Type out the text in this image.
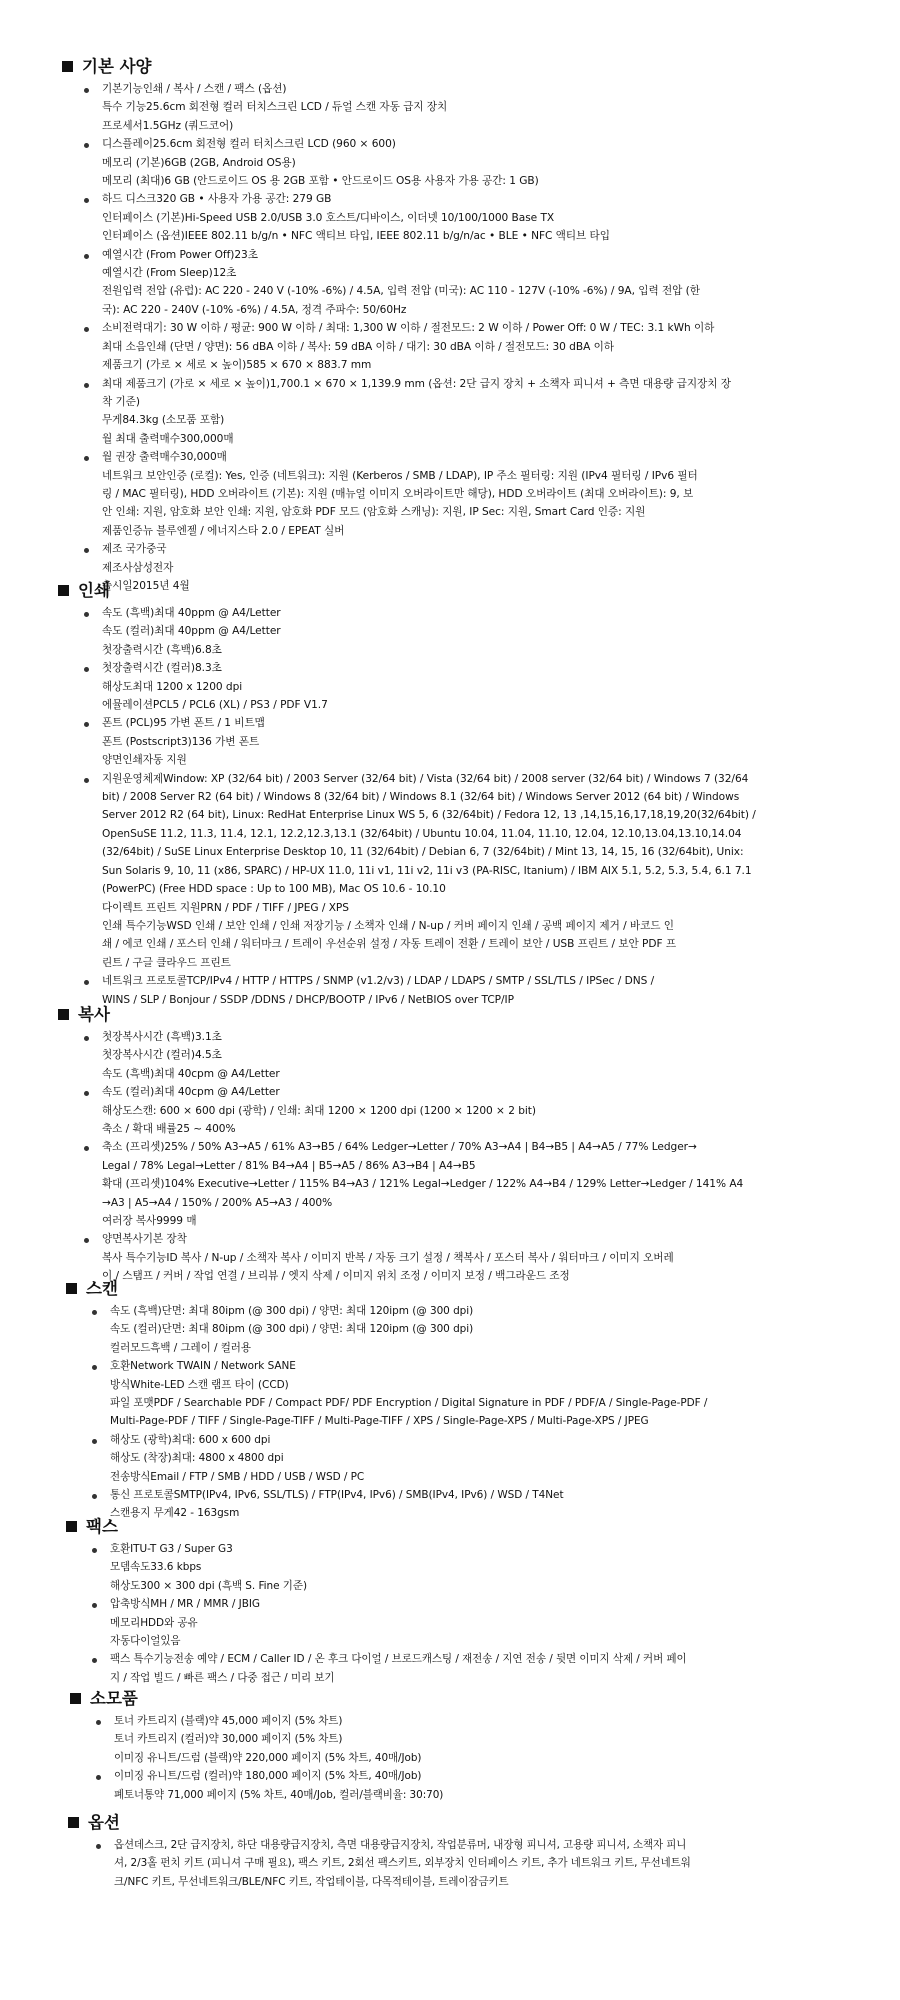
기본 사양
기본기능인쇄 / 복사 / 스캔 / 팩스 (옵션)
특수 기능25.6cm 회전형 컬러 터치스크린 LCD / 듀얼 스캔 자동 급지 장치
프로세서1.5GHz (쿼드코어)
디스플레이25.6cm 회전형 컬러 터치스크린 LCD (960 × 600)
메모리 (기본)6GB (2GB, Android OS용)
메모리 (최대)6 GB (안드로이드 OS 용 2GB 포함 • 안드로이드 OS용 사용자 가용 공간: 1 GB)
하드 디스크320 GB • 사용자 가용 공간: 279 GB
인터페이스 (기본)Hi-Speed USB 2.0/USB 3.0 호스트/디바이스, 이더넷 10/100/1000 Base TX
인터페이스 (옵션)IEEE 802.11 b/g/n • NFC 액티브 타입, IEEE 802.11 b/g/n/ac • BLE • NFC 액티브 타입
예열시간 (From Power Off)23초
예열시간 (From Sleep)12초
전원입력 전압 (유럽): AC 220 - 240 V (-10% -6%) / 4.5A, 입력 전압 (미국): AC 110 - 127V (-10% -6%) / 9A, 입력 전압 (한
국): AC 220 - 240V (-10% -6%) / 4.5A, 정격 주파수: 50/60Hz
소비전력대기: 30 W 이하 / 평균: 900 W 이하 / 최대: 1,300 W 이하 / 절전모드: 2 W 이하 / Power Off: 0 W / TEC: 3.1 kWh 이하
최대 소음인쇄 (단면 / 양면): 56 dBA 이하 / 복사: 59 dBA 이하 / 대기: 30 dBA 이하 / 절전모드: 30 dBA 이하
제품크기 (가로 × 세로 × 높이)585 × 670 × 883.7 mm
최대 제품크기 (가로 × 세로 × 높이)1,700.1 × 670 × 1,139.9 mm (옵션: 2단 급지 장치 + 소책자 피니셔 + 측면 대용량 급지장치 장
착 기준)
무게84.3kg (소모품 포함)
월 최대 출력매수300,000매
월 권장 출력매수30,000매
네트워크 보안인증 (로컬): Yes, 인증 (네트워크): 지원 (Kerberos / SMB / LDAP), IP 주소 필터링: 지원 (IPv4 필터링 / IPv6 필터
링 / MAC 필터링), HDD 오버라이트 (기본): 지원 (매뉴얼 이미지 오버라이트만 해당), HDD 오버라이트 (최대 오버라이트): 9, 보
안 인쇄: 지원, 암호화 보안 인쇄: 지원, 암호화 PDF 모드 (암호화 스캐닝): 지원, IP Sec: 지원, Smart Card 인증: 지원
제품인증뉴 블루엔젤 / 에너지스타 2.0 / EPEAT 실버
제조 국가중국
제조사삼성전자
출시일2015년 4월
인쇄
속도 (흑백)최대 40ppm @ A4/Letter
속도 (컬러)최대 40ppm @ A4/Letter
첫장출력시간 (흑백)6.8초
첫장출력시간 (컬러)8.3초
해상도최대 1200 x 1200 dpi
에뮬레이션PCL5 / PCL6 (XL) / PS3 / PDF V1.7
폰트 (PCL)95 가변 폰트 / 1 비트맵
폰트 (Postscript3)136 가변 폰트
양면인쇄자동 지원
지원운영체제Window: XP (32/64 bit) / 2003 Server (32/64 bit) / Vista (32/64 bit) / 2008 server (32/64 bit) / Windows 7 (32/64
bit) / 2008 Server R2 (64 bit) / Windows 8 (32/64 bit) / Windows 8.1 (32/64 bit) / Windows Server 2012 (64 bit) / Windows
Server 2012 R2 (64 bit), Linux: RedHat Enterprise Linux WS 5, 6 (32/64bit) / Fedora 12, 13 ,14,15,16,17,18,19,20(32/64bit) /
OpenSuSE 11.2, 11.3, 11.4, 12.1, 12.2,12.3,13.1 (32/64bit) / Ubuntu 10.04, 11.04, 11.10, 12.04, 12.10,13.04,13.10,14.04
(32/64bit) / SuSE Linux Enterprise Desktop 10, 11 (32/64bit) / Debian 6, 7 (32/64bit) / Mint 13, 14, 15, 16 (32/64bit), Unix:
Sun Solaris 9, 10, 11 (x86, SPARC) / HP-UX 11.0, 11i v1, 11i v2, 11i v3 (PA-RISC, Itanium) / IBM AIX 5.1, 5.2, 5.3, 5.4, 6.1 7.1
(PowerPC) (Free HDD space : Up to 100 MB), Mac OS 10.6 - 10.10
다이렉트 프린트 지원PRN / PDF / TIFF / JPEG / XPS
인쇄 특수기능WSD 인쇄 / 보안 인쇄 / 인쇄 저장기능 / 소책자 인쇄 / N-up / 커버 페이지 인쇄 / 공백 페이지 제거 / 바코드 인
쇄 / 에코 인쇄 / 포스터 인쇄 / 워터마크 / 트레이 우선순위 설정 / 자동 트레이 전환 / 트레이 보안 / USB 프린트 / 보안 PDF 프
린트 / 구글 클라우드 프린트
네트워크 프로토콜TCP/IPv4 / HTTP / HTTPS / SNMP (v1.2/v3) / LDAP / LDAPS / SMTP / SSL/TLS / IPSec / DNS /
WINS / SLP / Bonjour / SSDP /DDNS / DHCP/BOOTP / IPv6 / NetBIOS over TCP/IP
복사
첫장복사시간 (흑백)3.1초
첫장복사시간 (컬러)4.5초
속도 (흑백)최대 40cpm @ A4/Letter
속도 (컬러)최대 40cpm @ A4/Letter
해상도스캔: 600 × 600 dpi (광학) / 인쇄: 최대 1200 × 1200 dpi (1200 × 1200 × 2 bit)
축소 / 확대 배률25 ~ 400%
축소 (프리셋)25% / 50% A3→A5 / 61% A3→B5 / 64% Ledger→Letter / 70% A3→A4 | B4→B5 | A4→A5 / 77% Ledger→
Legal / 78% Legal→Letter / 81% B4→A4 | B5→A5 / 86% A3→B4 | A4→B5
확대 (프리셋)104% Executive→Letter / 115% B4→A3 / 121% Legal→Ledger / 122% A4→B4 / 129% Letter→Ledger / 141% A4
→A3 | A5→A4 / 150% / 200% A5→A3 / 400%
여러장 복사9999 매
양면복사기본 장착
복사 특수기능ID 복사 / N-up / 소책자 복사 / 이미지 반복 / 자동 크기 설정 / 책복사 / 포스터 복사 / 워터마크 / 이미지 오버레
이 / 스탬프 / 커버 / 작업 연결 / 브리뷰 / 엣지 삭제 / 이미지 위치 조정 / 이미지 보정 / 백그라운드 조정
스캔
속도 (흑백)단면: 최대 80ipm (@ 300 dpi) / 양면: 최대 120ipm (@ 300 dpi)
속도 (컬러)단면: 최대 80ipm (@ 300 dpi) / 양면: 최대 120ipm (@ 300 dpi)
컬러모드흑백 / 그레이 / 컬러용
호환Network TWAIN / Network SANE
방식White-LED 스캔 램프 타이 (CCD)
파일 포맷PDF / Searchable PDF / Compact PDF/ PDF Encryption / Digital Signature in PDF / PDF/A / Single-Page-PDF /
Multi-Page-PDF / TIFF / Single-Page-TIFF / Multi-Page-TIFF / XPS / Single-Page-XPS / Multi-Page-XPS / JPEG
해상도 (광학)최대: 600 x 600 dpi
해상도 (착장)최대: 4800 x 4800 dpi
전송방식Email / FTP / SMB / HDD / USB / WSD / PC
통신 프로토콜SMTP(IPv4, IPv6, SSL/TLS) / FTP(IPv4, IPv6) / SMB(IPv4, IPv6) / WSD / T4Net
스캔용지 무게42 - 163gsm
팩스
호환ITU-T G3 / Super G3
모뎀속도33.6 kbps
해상도300 × 300 dpi (흑백 S. Fine 기준)
압축방식MH / MR / MMR / JBIG
메모리HDD와 공유
자동다이얼있음
팩스 특수기능전송 예약 / ECM / Caller ID / 온 후크 다이얼 / 브로드캐스팅 / 재전송 / 지연 전송 / 뒷면 이미지 삭제 / 커버 페이
지 / 작업 빌드 / 빠른 팩스 / 다중 접근 / 미리 보기
소모품
토너 카트리지 (블랙)약 45,000 페이지 (5% 차트)
토너 카트리지 (컬러)약 30,000 페이지 (5% 차트)
이미징 유니트/드럼 (블랙)약 220,000 페이지 (5% 차트, 40매/Job)
이미징 유니트/드럼 (컬러)약 180,000 페이지 (5% 차트, 40매/Job)
폐토너통약 71,000 페이지 (5% 차트, 40매/Job, 컬러/블랙비율: 30:70)
옵션
옵션데스크, 2단 급지장치, 하단 대용량급지장치, 측면 대용량급지장치, 작업분류머, 내장형 피니셔, 고용량 피니셔, 소책자 피니
셔, 2/3홀 펀치 키트 (피니셔 구매 필요), 팩스 키트, 2회선 팩스키트, 외부장치 인터페이스 키트, 추가 네트워크 키트, 무선네트워
크/NFC 키트, 무선네트워크/BLE/NFC 키트, 작업테이블, 다목적테이블, 트레이잠금키트
